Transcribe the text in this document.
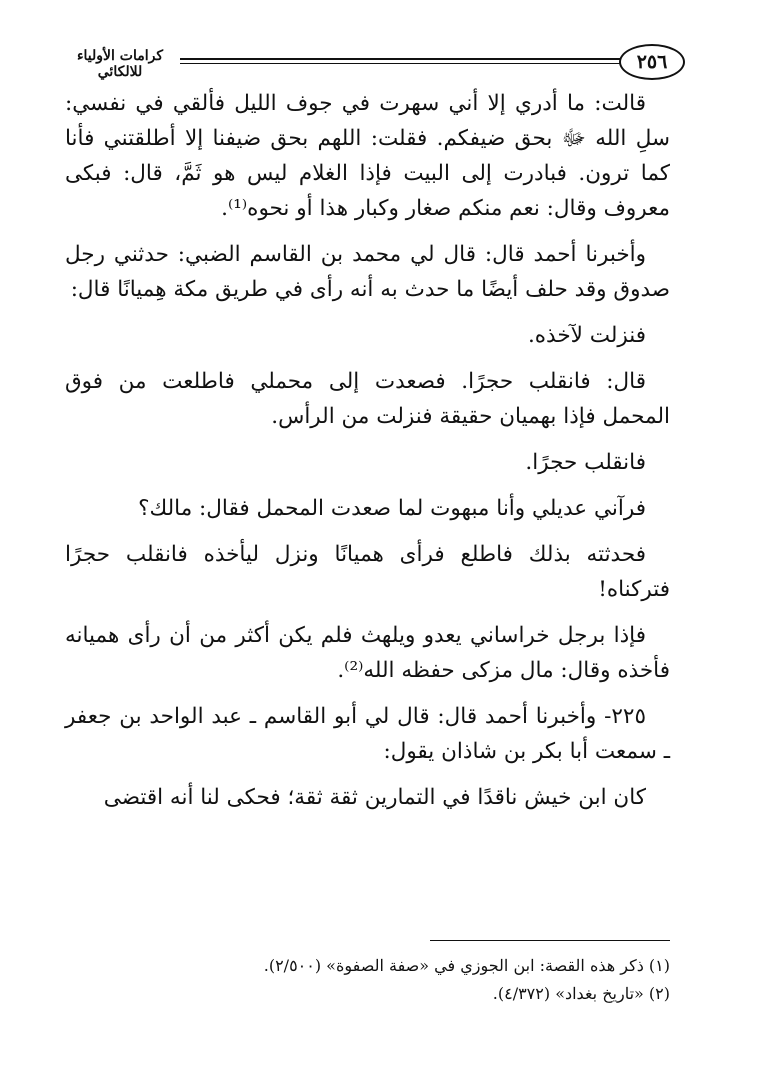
٢٥٦
كرامات الأولياء للالكائي

قالت: ما أدري إلا أني سهرت في جوف الليل فألقي في نفسي: سلِ الله ﷻ بحق ضيفكم. فقلت: اللهم بحق ضيفنا إلا أطلقتني فأنا كما ترون. فبادرت إلى البيت فإذا الغلام ليس هو ثَمَّ، قال: فبكى معروف وقال: نعم منكم صغار وكبار هذا أو نحوه⁽¹⁾.

وأخبرنا أحمد قال: قال لي محمد بن القاسم الضبي: حدثني رجل صدوق وقد حلف أيضًا ما حدث به أنه رأى في طريق مكة هِميانًا قال:

فنزلت لآخذه.

قال: فانقلب حجرًا. فصعدت إلى محملي فاطلعت من فوق المحمل فإذا بهميان حقيقة فنزلت من الرأس.

فانقلب حجرًا.

فرآني عديلي وأنا مبهوت لما صعدت المحمل فقال: مالك؟

فحدثته بذلك فاطلع فرأى هميانًا ونزل ليأخذه فانقلب حجرًا فتركناه!

فإذا برجل خراساني يعدو ويلهث فلم يكن أكثر من أن رأى هميانه فأخذه وقال: مال مزكى حفظه الله⁽²⁾.

٢٢٥- وأخبرنا أحمد قال: قال لي أبو القاسم ـ عبد الواحد بن جعفر ـ سمعت أبا بكر بن شاذان يقول:

كان ابن خيش ناقدًا في التمارين ثقة ثقة؛ فحكى لنا أنه اقتضى

(١) ذكر هذه القصة: ابن الجوزي في «صفة الصفوة» (٢/٥٠٠).
(٢) «تاريخ بغداد» (٤/٣٧٢).
